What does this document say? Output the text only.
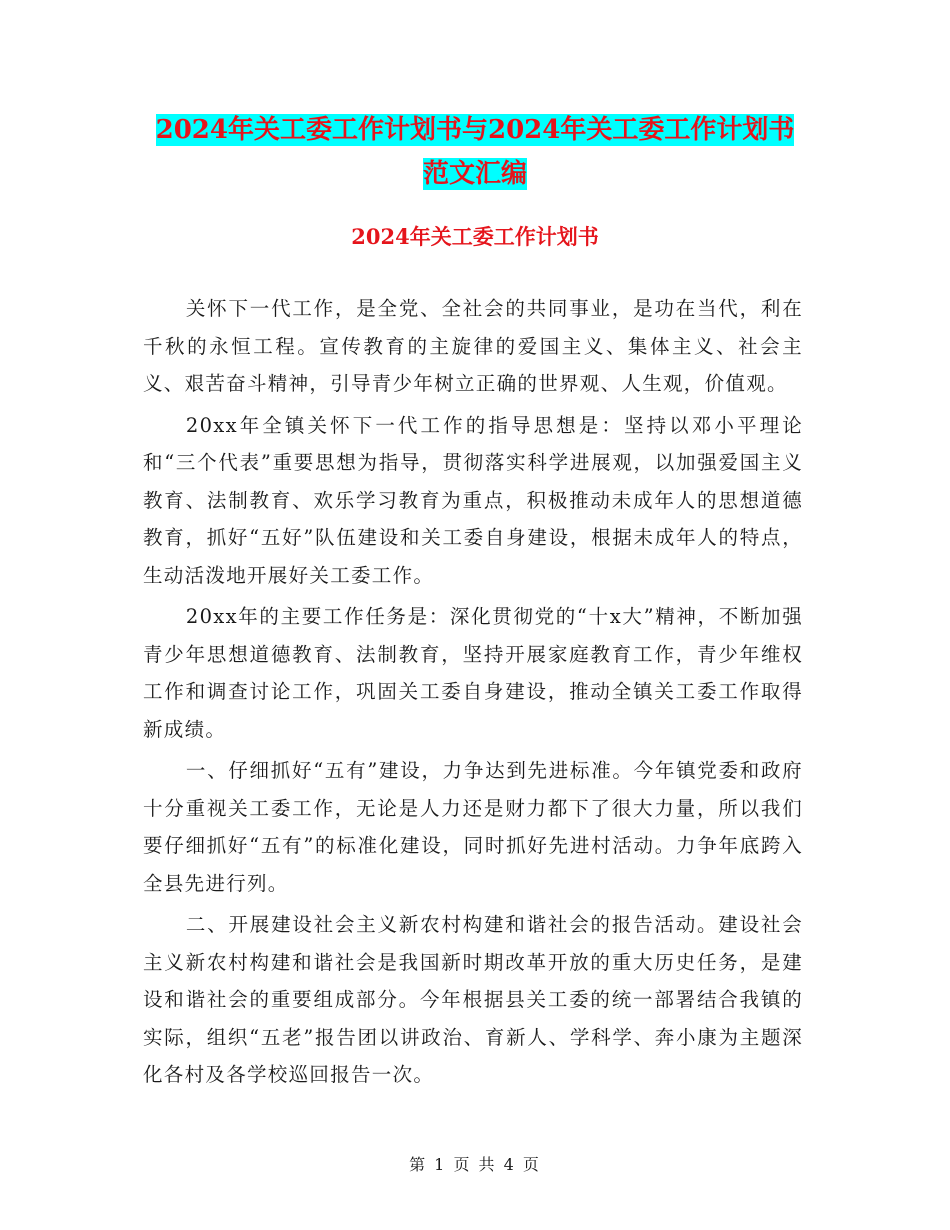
2024年关工委工作计划书与2024年关工委工作计划书
范文汇编
2024年关工委工作计划书

关怀下一代工作，是全党、全社会的共同事业，是功在当代，利在千秋的永恒工程。宣传教育的主旋律的爱国主义、集体主义、社会主义、艰苦奋斗精神，引导青少年树立正确的世界观、人生观，价值观。

20xx年全镇关怀下一代工作的指导思想是：坚持以邓小平理论和“三个代表”重要思想为指导，贯彻落实科学进展观，以加强爱国主义教育、法制教育、欢乐学习教育为重点，积极推动未成年人的思想道德教育，抓好“五好”队伍建设和关工委自身建设，根据未成年人的特点，生动活泼地开展好关工委工作。

20xx年的主要工作任务是：深化贯彻党的“十x大”精神，不断加强青少年思想道德教育、法制教育，坚持开展家庭教育工作，青少年维权工作和调查讨论工作，巩固关工委自身建设，推动全镇关工委工作取得新成绩。

一、仔细抓好“五有”建设，力争达到先进标准。今年镇党委和政府十分重视关工委工作，无论是人力还是财力都下了很大力量，所以我们要仔细抓好“五有”的标准化建设，同时抓好先进村活动。力争年底跨入全县先进行列。

二、开展建设社会主义新农村构建和谐社会的报告活动。建设社会主义新农村构建和谐社会是我国新时期改革开放的重大历史任务，是建设和谐社会的重要组成部分。今年根据县关工委的统一部署结合我镇的实际，组织“五老”报告团以讲政治、育新人、学科学、奔小康为主题深化各村及各学校巡回报告一次。

第 1 页 共 4 页
